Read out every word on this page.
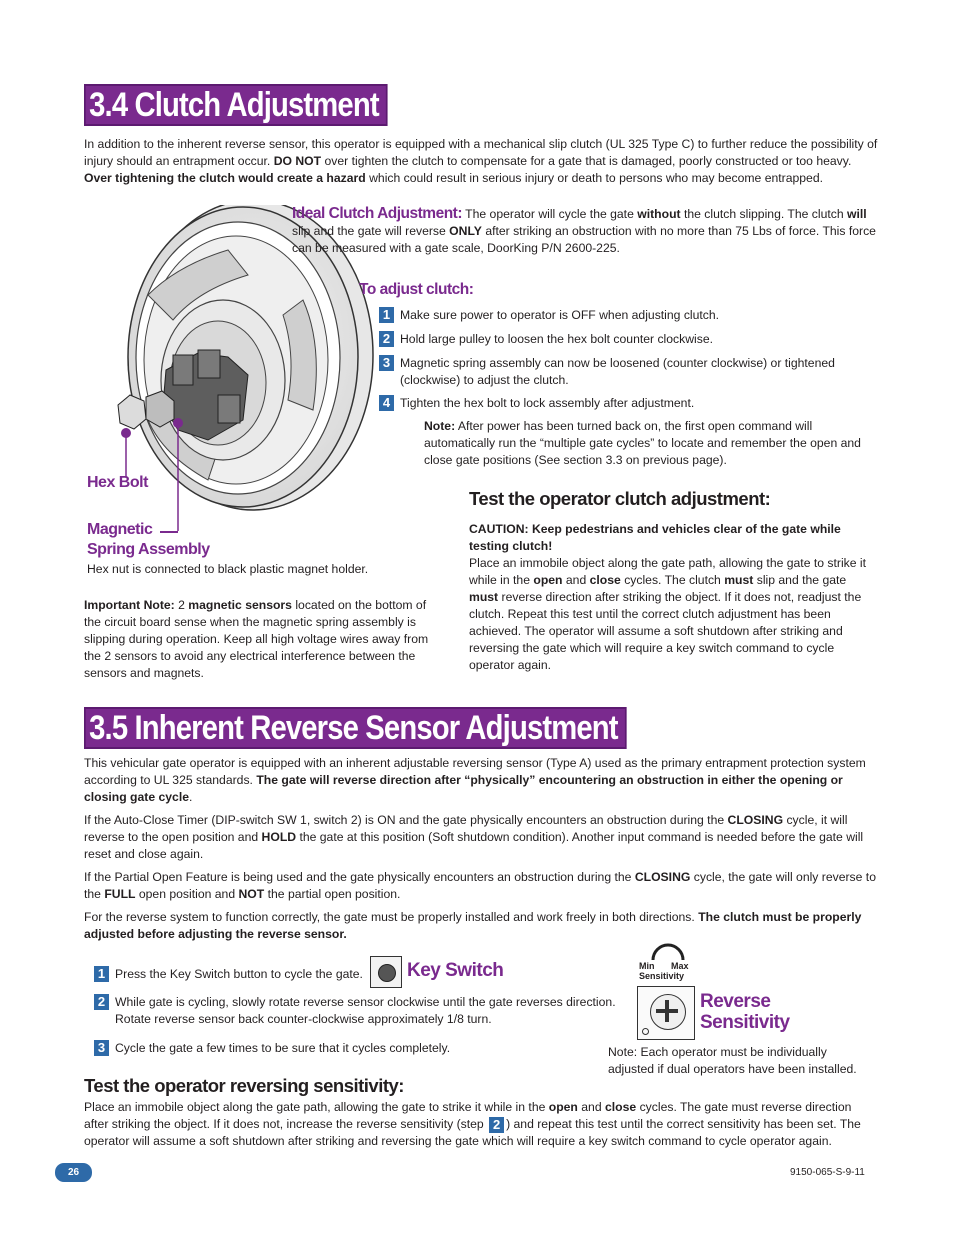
3.4 Clutch Adjustment
In addition to the inherent reverse sensor, this operator is equipped with a mechanical slip clutch (UL 325 Type C) to further reduce the possibility of injury should an entrapment occur. DO NOT over tighten the clutch to compensate for a gate that is damaged, poorly constructed or too heavy. Over tightening the clutch would create a hazard which could result in serious injury or death to persons who may become entrapped.
Hex Bolt
Magnetic
Spring Assembly
Hex nut is connected to black plastic magnet holder.
Important Note: 2 magnetic sensors located on the bottom of the circuit board sense when the magnetic spring assembly is slipping during operation. Keep all high voltage wires away from the 2 sensors to avoid any electrical interference between the sensors and magnets.
Ideal Clutch Adjustment: The operator will cycle the gate without the clutch slipping. The clutch will slip and the gate will reverse ONLY after striking an obstruction with no more than 75 Lbs of force. This force can be measured with a gate scale, DoorKing P/N 2600-225.
To adjust clutch:
1 Make sure power to operator is OFF when adjusting clutch.
2 Hold large pulley to loosen the hex bolt counter clockwise.
3 Magnetic spring assembly can now be loosened (counter clockwise) or tightened (clockwise) to adjust the clutch.
4 Tighten the hex bolt to lock assembly after adjustment.
Note: After power has been turned back on, the first open command will automatically run the “multiple gate cycles” to locate and remember the open and close gate positions (See section 3.3 on previous page).
Test the operator clutch adjustment:
CAUTION: Keep pedestrians and vehicles clear of the gate while testing clutch!
Place an immobile object along the gate path, allowing the gate to strike it while in the open and close cycles. The clutch must slip and the gate must reverse direction after striking the object. If it does not, readjust the clutch. Repeat this test until the correct clutch adjustment has been achieved. The operator will assume a soft shutdown after striking and reversing the gate which will require a key switch command to cycle operator again.
3.5 Inherent Reverse Sensor Adjustment
This vehicular gate operator is equipped with an inherent adjustable reversing sensor (Type A) used as the primary entrapment protection system according to UL 325 standards. The gate will reverse direction after “physically” encountering an obstruction in either the opening or closing gate cycle.
If the Auto-Close Timer (DIP-switch SW 1, switch 2) is ON and the gate physically encounters an obstruction during the CLOSING cycle, it will reverse to the open position and HOLD the gate at this position (Soft shutdown condition). Another input command is needed before the gate will reset and close again.
If the Partial Open Feature is being used and the gate physically encounters an obstruction during the CLOSING cycle, the gate will only reverse to the FULL open position and NOT the partial open position.
For the reverse system to function correctly, the gate must be properly installed and work freely in both directions. The clutch must be properly adjusted before adjusting the reverse sensor.
1 Press the Key Switch button to cycle the gate. Key Switch
2 While gate is cycling, slowly rotate reverse sensor clockwise until the gate reverses direction. Rotate reverse sensor back counter-clockwise approximately 1/8 turn.
3 Cycle the gate a few times to be sure that it cycles completely.
Min Max
Sensitivity
Reverse
Sensitivity
Note: Each operator must be individually adjusted if dual operators have been installed.
Test the operator reversing sensitivity:
Place an immobile object along the gate path, allowing the gate to strike it while in the open and close cycles. The gate must reverse direction after striking the object. If it does not, increase the reverse sensitivity (step 2 ) and repeat this test until the correct sensitivity has been set. The operator will assume a soft shutdown after striking and reversing the gate which will require a key switch command to cycle operator again.
26	9150-065-S-9-11
